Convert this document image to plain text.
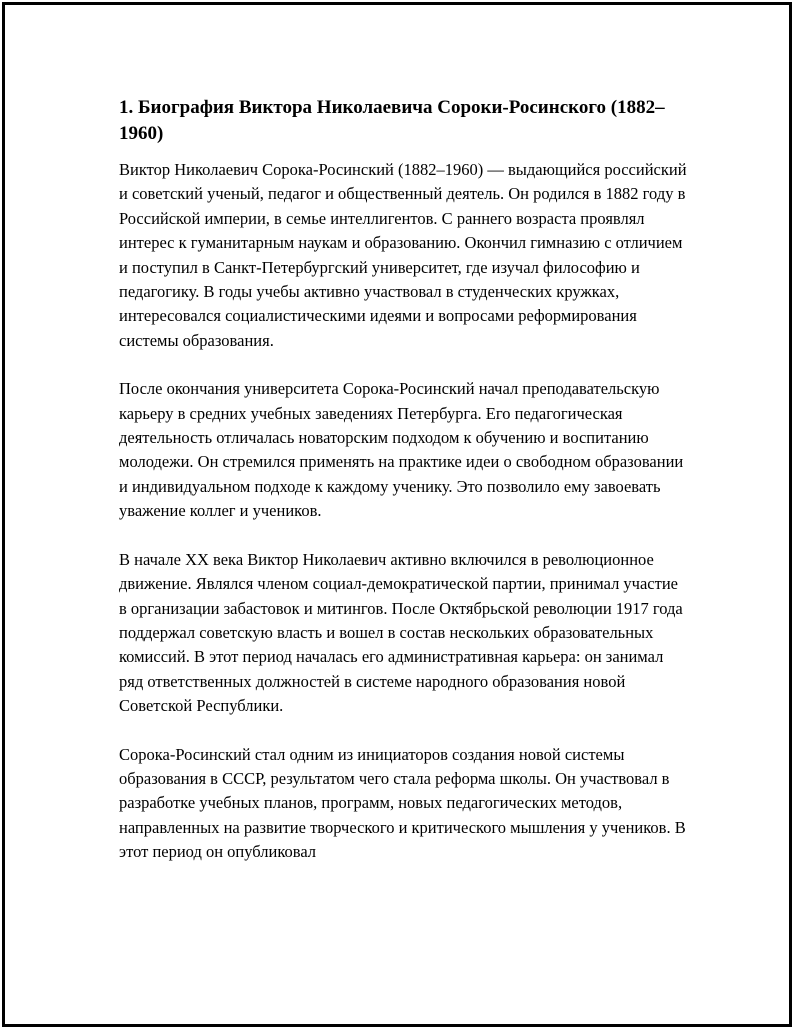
1. Биография Виктора Николаевича Сороки-Росинского (1882–1960)

Виктор Николаевич Сорока-Росинский (1882–1960) — выдающийся российский и советский ученый, педагог и общественный деятель. Он родился в 1882 году в Российской империи, в семье интеллигентов. С раннего возраста проявлял интерес к гуманитарным наукам и образованию. Окончил гимназию с отличием и поступил в Санкт-Петербургский университет, где изучал философию и педагогику. В годы учебы активно участвовал в студенческих кружках, интересовался социалистическими идеями и вопросами реформирования системы образования.

После окончания университета Сорока-Росинский начал преподавательскую карьеру в средних учебных заведениях Петербурга. Его педагогическая деятельность отличалась новаторским подходом к обучению и воспитанию молодежи. Он стремился применять на практике идеи о свободном образовании и индивидуальном подходе к каждому ученику. Это позволило ему завоевать уважение коллег и учеников.

В начале XX века Виктор Николаевич активно включился в революционное движение. Являлся членом социал-демократической партии, принимал участие в организации забастовок и митингов. После Октябрьской революции 1917 года поддержал советскую власть и вошел в состав нескольких образовательных комиссий. В этот период началась его административная карьера: он занимал ряд ответственных должностей в системе народного образования новой Советской Республики.

Сорока-Росинский стал одним из инициаторов создания новой системы образования в СССР, результатом чего стала реформа школы. Он участвовал в разработке учебных планов, программ, новых педагогических методов, направленных на развитие творческого и критического мышления у учеников. В этот период он опубликовал
